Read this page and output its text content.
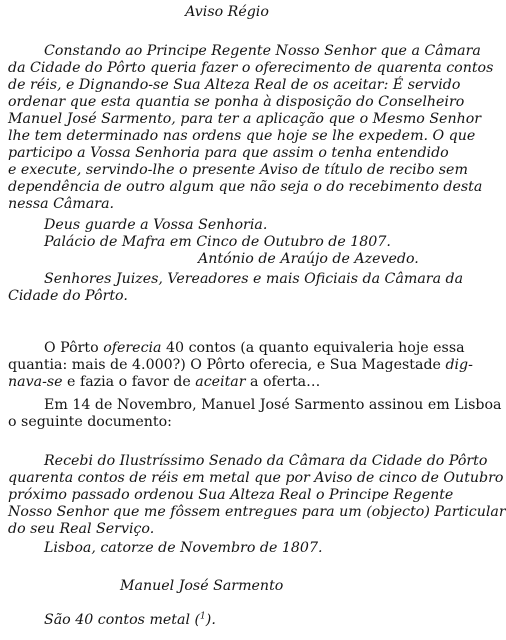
Aviso Régio
Constando ao Principe Regente Nosso Senhor que a Câmara
da Cidade do Pôrto queria fazer o oferecimento de quarenta contos
de réis, e Dignando-se Sua Alteza Real de os aceitar: É servido
ordenar que esta quantia se ponha à disposição do Conselheiro
Manuel José Sarmento, para ter a aplicação que o Mesmo Senhor
lhe tem determinado nas ordens que hoje se lhe expedem. O que
participo a Vossa Senhoria para que assim o tenha entendido
e execute, servindo-lhe o presente Aviso de título de recibo sem
dependência de outro algum que não seja o do recebimento desta
nessa Câmara.
Deus guarde a Vossa Senhoria.
Palácio de Mafra em Cinco de Outubro de 1807.
António de Araújo de Azevedo.
Senhores Juizes, Vereadores e mais Oficiais da Câmara da
Cidade do Pôrto.
O Pôrto oferecia 40 contos (a quanto equivaleria hoje essa
quantia: mais de 4.000?) O Pôrto oferecia, e Sua Magestade dig-
nava-se e fazia o favor de aceitar a oferta…
Em 14 de Novembro, Manuel José Sarmento assinou em Lisboa
o seguinte documento:
Recebi do Ilustríssimo Senado da Câmara da Cidade do Pôrto
quarenta contos de réis em metal que por Aviso de cinco de Outubro
próximo passado ordenou Sua Alteza Real o Principe Regente
Nosso Senhor que me fôssem entregues para um (objecto) Particular
do seu Real Serviço.
Lisboa, catorze de Novembro de 1807.
Manuel José Sarmento
São 40 contos metal ($^1$).
